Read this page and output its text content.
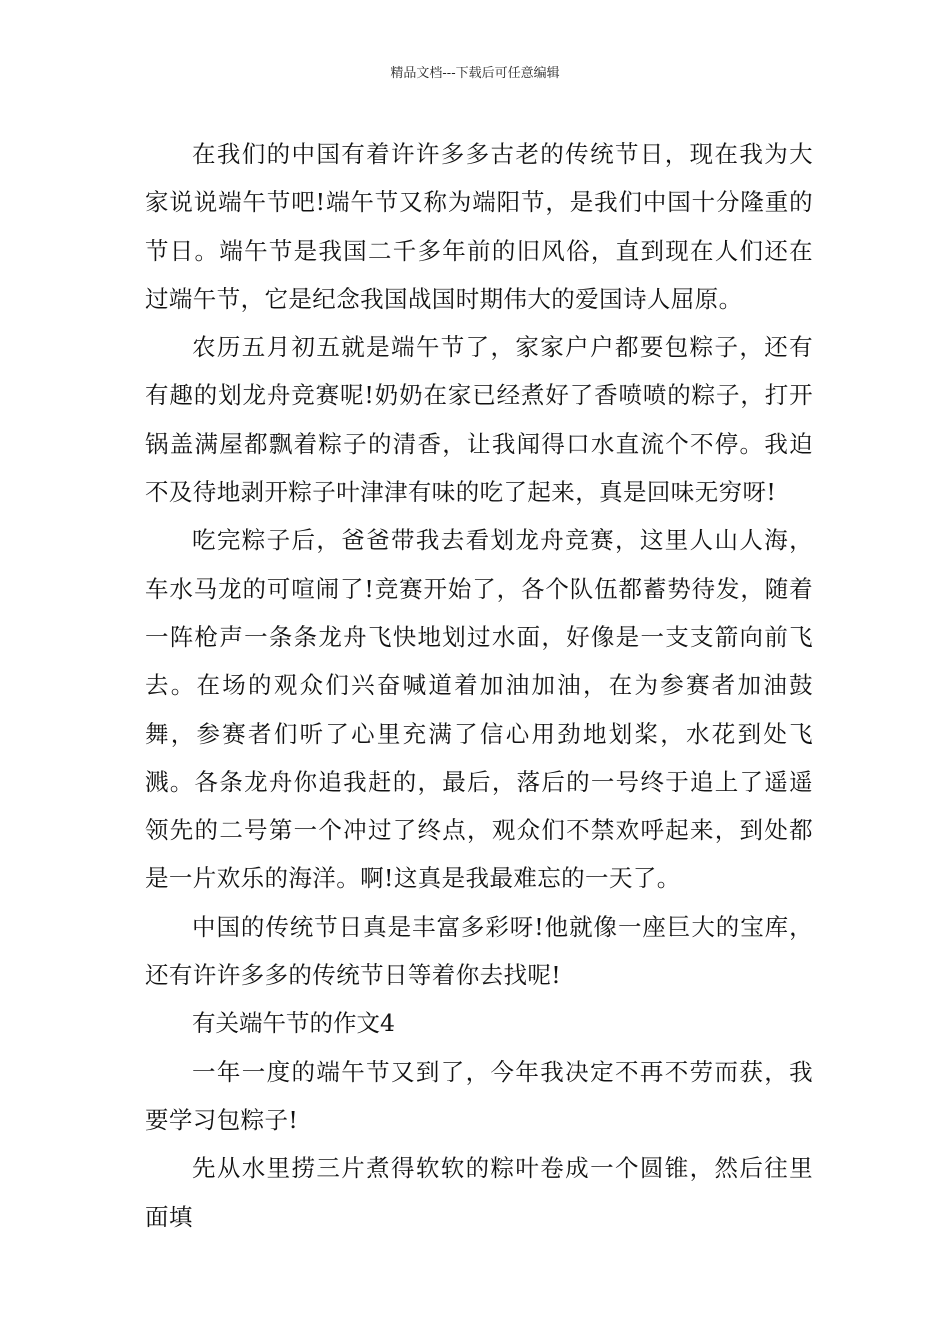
精品文档---下载后可任意编辑

在我们的中国有着许许多多古老的传统节日，现在我为大家说说端午节吧!端午节又称为端阳节，是我们中国十分隆重的节日。端午节是我国二千多年前的旧风俗，直到现在人们还在过端午节，它是纪念我国战国时期伟大的爱国诗人屈原。

农历五月初五就是端午节了，家家户户都要包粽子，还有有趣的划龙舟竞赛呢!奶奶在家已经煮好了香喷喷的粽子，打开锅盖满屋都飘着粽子的清香，让我闻得口水直流个不停。我迫不及待地剥开粽子叶津津有味的吃了起来，真是回味无穷呀!

吃完粽子后，爸爸带我去看划龙舟竞赛，这里人山人海，车水马龙的可喧闹了!竞赛开始了，各个队伍都蓄势待发，随着一阵枪声一条条龙舟飞快地划过水面，好像是一支支箭向前飞去。在场的观众们兴奋喊道着加油加油，在为参赛者加油鼓舞，参赛者们听了心里充满了信心用劲地划桨，水花到处飞溅。各条龙舟你追我赶的，最后，落后的一号终于追上了遥遥领先的二号第一个冲过了终点，观众们不禁欢呼起来，到处都是一片欢乐的海洋。啊!这真是我最难忘的一天了。

中国的传统节日真是丰富多彩呀!他就像一座巨大的宝库，还有许许多多的传统节日等着你去找呢!

有关端午节的作文4

一年一度的端午节又到了，今年我决定不再不劳而获，我要学习包粽子!

先从水里捞三片煮得软软的粽叶卷成一个圆锥，然后往里面填
